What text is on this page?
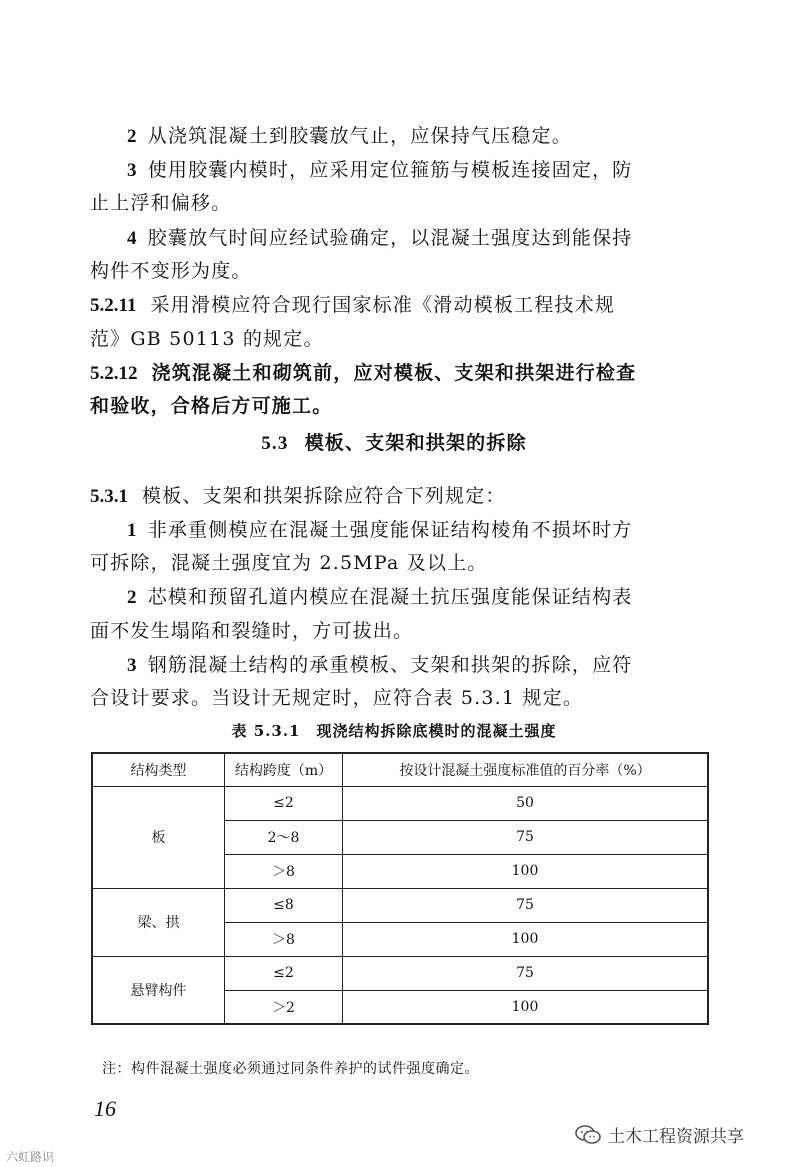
2 从浇筑混凝土到胶囊放气止，应保持气压稳定。
3 使用胶囊内模时，应采用定位箍筋与模板连接固定，防
止上浮和偏移。
4 胶囊放气时间应经试验确定，以混凝土强度达到能保持
构件不变形为度。
5.2.11 采用滑模应符合现行国家标准《滑动模板工程技术规
范》GB 50113 的规定。
5.2.12 浇筑混凝土和砌筑前，应对模板、支架和拱架进行检查
和验收，合格后方可施工。
5.3 模板、支架和拱架的拆除
5.3.1 模板、支架和拱架拆除应符合下列规定：
1 非承重侧模应在混凝土强度能保证结构棱角不损坏时方
可拆除，混凝土强度宜为 2.5MPa 及以上。
2 芯模和预留孔道内模应在混凝土抗压强度能保证结构表
面不发生塌陷和裂缝时，方可拔出。
3 钢筋混凝土结构的承重模板、支架和拱架的拆除，应符
合设计要求。当设计无规定时，应符合表 5.3.1 规定。
表 5.3.1　现浇结构拆除底模时的混凝土强度
结构类型	结构跨度（m）	按设计混凝土强度标准值的百分率（%）
板	≤2	50
	2～8	75
	＞8	100
梁、拱	≤8	75
	＞8	100
悬臂构件	≤2	75
	＞2	100
注：构件混凝土强度必须通过同条件养护的试件强度确定。
16
土木工程资源共享
六虹路识
